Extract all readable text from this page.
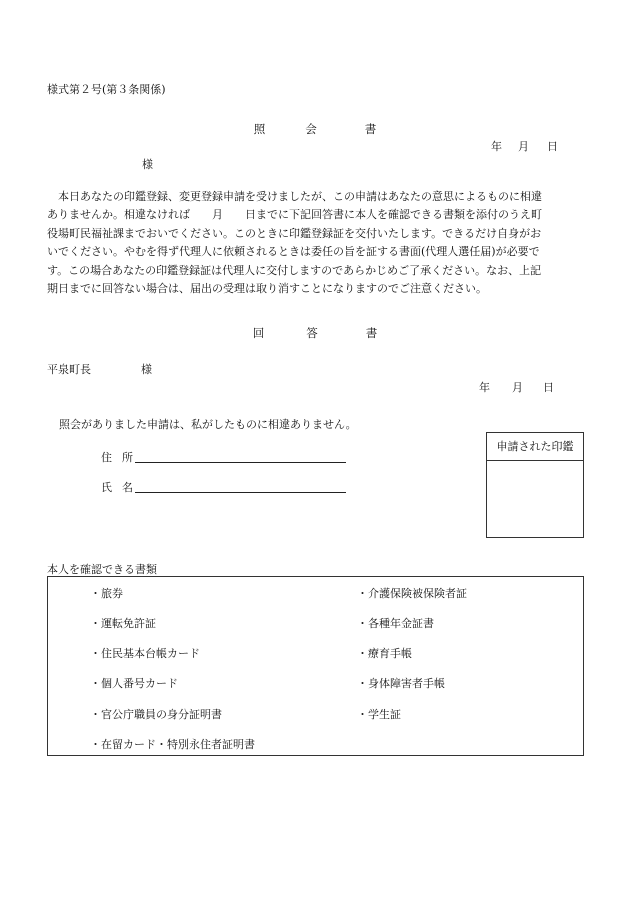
様式第２号(第３条関係)
照	会	書
年 月 日
様

　本日あなたの印鑑登録、変更登録申請を受けましたが、この申請はあなたの意思によるものに相違

ありませんか。相違なければ　　月　　日までに下記回答書に本人を確認できる書類を添付のうえ町

役場町民福祉課までおいでください。このときに印鑑登録証を交付いたします。できるだけ自身がお

いでください。やむを得ず代理人に依頼されるときは委任の旨を証する書面(代理人選任届)が必要で

す。この場合あなたの印鑑登録証は代理人に交付しますのであらかじめご了承ください。なお、上記

期日までに回答ない場合は、届出の受理は取り消すことになりますのでご注意ください。

回	答	書
平泉町長	様
年 月 日
照会がありました申請は、私がしたものに相違ありません。
住 所
氏 名
申請された印鑑
本人を確認できる書類
・旅券
・運転免許証
・住民基本台帳カード
・個人番号カード
・官公庁職員の身分証明書
・在留カード・特別永住者証明書
・介護保険被保険者証
・各種年金証書
・療育手帳
・身体障害者手帳
・学生証
